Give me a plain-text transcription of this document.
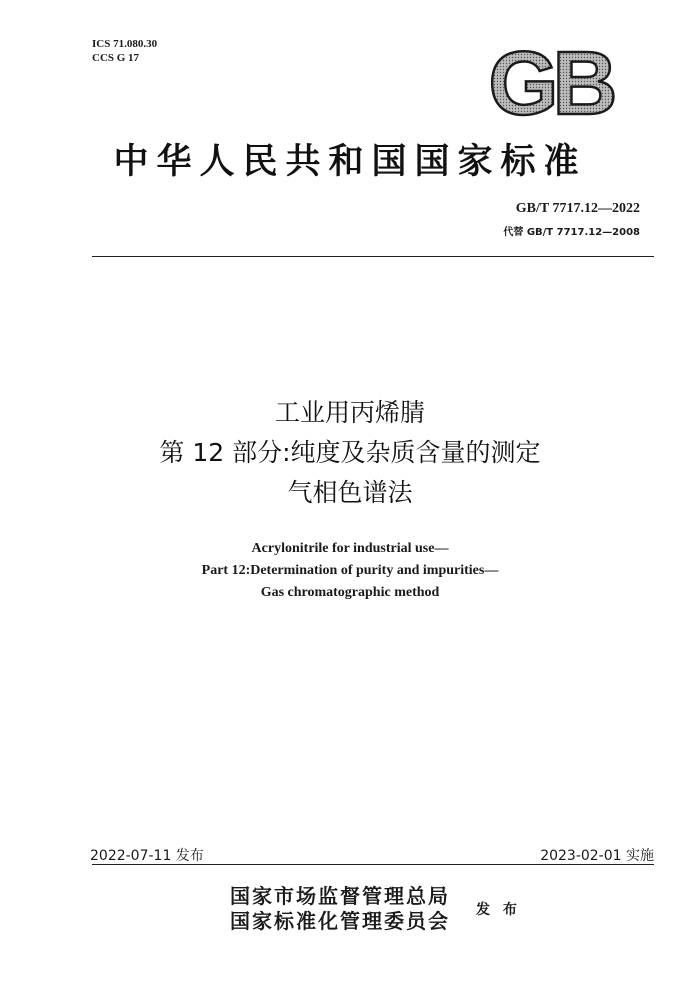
ICS 71.080.30
CCS G 17	GB
中华人民共和国国家标准
GB/T 7717.12—2022
代替 GB/T 7717.12—2008
工业用丙烯腈
第 12 部分:纯度及杂质含量的测定
气相色谱法
Acrylonitrile for industrial use—
Part 12:Determination of purity and impurities—
Gas chromatographic method
2022-07-11 发布	2023-02-01 实施
国家市场监督管理总局
国家标准化管理委员会 发 布
